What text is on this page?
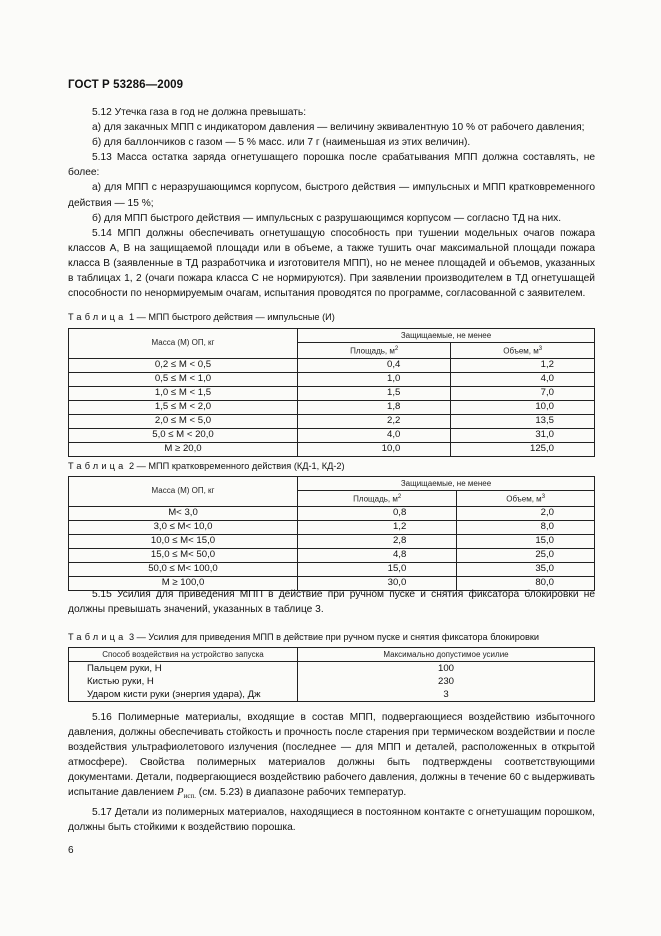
ГОСТ Р 53286—2009

5.12 Утечка газа в год не должна превышать:

а) для закачных МПП с индикатором давления — величину эквивалентную 10 % от рабочего давления;

б) для баллончиков с газом — 5 % масс. или 7 г (наименьшая из этих величин).

5.13 Масса остатка заряда огнетушащего порошка после срабатывания МПП должна составлять, не более:

а) для МПП с неразрушающимся корпусом, быстрого действия — импульсных и МПП кратковременного действия — 15 %;

б) для МПП быстрого действия — импульсных с разрушающимся корпусом — согласно ТД на них.

5.14 МПП должны обеспечивать огнетушащую способность при тушении модельных очагов пожара классов А, В на защищаемой площади или в объеме, а также тушить очаг максимальной площади пожара класса В (заявленные в ТД разработчика и изготовителя МПП), но не менее площадей и объемов, указанных в таблицах 1, 2 (очаги пожара класса С не нормируются). При заявлении производителем в ТД огнетушащей способности по ненормируемым очагам, испытания проводятся по программе, согласованной с заявителем.

Таблица 1 — МПП быстрого действия — импульсные (И)
Масса (М) ОП, кг	Защищаемые, не менее	
	Площадь, $м^2$	Объем, $м^3$
0,2 ≤ М < 0,5	0,4	1,2
0,5 ≤ М < 1,0	1,0	4,0
1,0 ≤ М < 1,5	1,5	7,0
1,5 ≤ М < 2,0	1,8	10,0
2,0 ≤ М < 5,0	2,2	13,5
5,0 ≤ М < 20,0	4,0	31,0
М ≥ 20,0	10,0	125,0
Таблица 2 — МПП кратковременного действия (КД-1, КД-2)
Масса (М) ОП, кг	Защищаемые, не менее	
	Площадь, $м^2$	Объем, $м^3$
М< 3,0	0,8	2,0
3,0 ≤ М< 10,0	1,2	8,0
10,0 ≤ М< 15,0	2,8	15,0
15,0 ≤ М< 50,0	4,8	25,0
50,0 ≤ М< 100,0	15,0	35,0
М ≥ 100,0	30,0	80,0

5.15 Усилия для приведения МПП в действие при ручном пуске и снятия фиксатора блокировки не должны превышать значений, указанных в таблице 3.

Таблица 3 — Усилия для приведения МПП в действие при ручном пуске и снятия фиксатора блокировки
Способ воздействия на устройство запуска	Максимально допустимое усилие
Пальцем руки, Н	100
Кистью руки, Н	230
Ударом кисти руки (энергия удара), Дж	3

5.16 Полимерные материалы, входящие в состав МПП, подвергающиеся воздействию избыточного давления, должны обеспечивать стойкость и прочность после старения при термическом воздействии и после воздействия ультрафиолетового излучения (последнее — для МПП и деталей, расположенных в открытой атмосфере). Свойства полимерных материалов должны быть подтверждены соответствующими документами. Детали, подвергающиеся воздействию рабочего давления, должны в течение 60 с выдерживать испытание давлением $P_{исп.}$ (см. 5.23) в диапазоне рабочих температур.

5.17 Детали из полимерных материалов, находящиеся в постоянном контакте с огнетушащим порошком, должны быть стойкими к воздействию порошка.

6
